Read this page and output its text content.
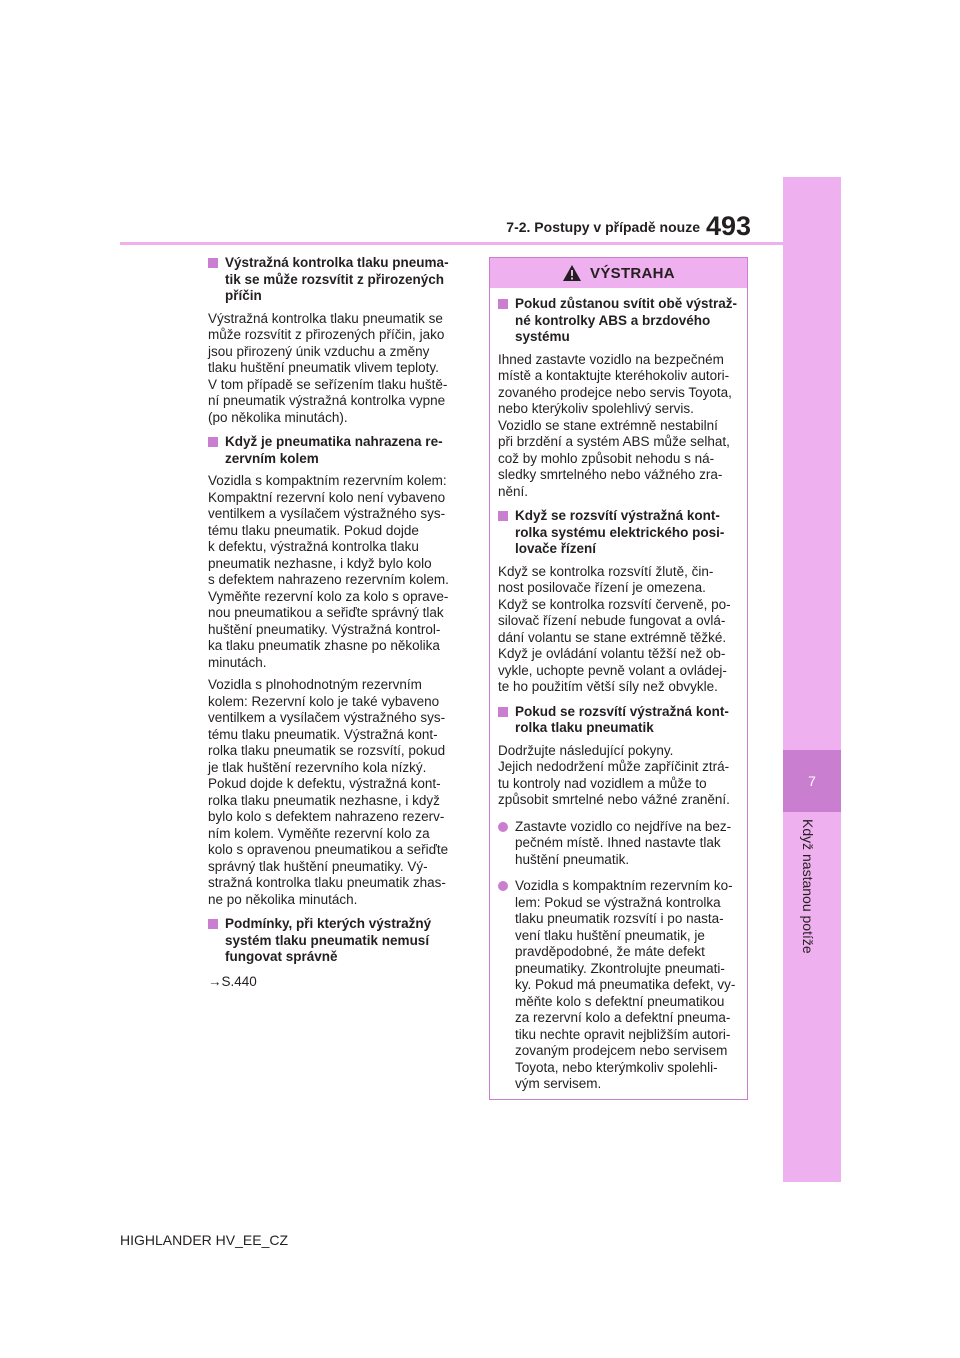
7
Když nastanou potíže
7-2. Postupy v případě nouze 493
Výstražná kontrolka tlaku pneuma-
tik se může rozsvítit z přirozených
příčin
Výstražná kontrolka tlaku pneumatik se
může rozsvítit z přirozených příčin, jako
jsou přirozený únik vzduchu a změny
tlaku huštění pneumatik vlivem teploty.
V tom případě se seřízením tlaku huště-
ní pneumatik výstražná kontrolka vypne
(po několika minutách).
Když je pneumatika nahrazena re-
zervním kolem
Vozidla s kompaktním rezervním kolem:
Kompaktní rezervní kolo není vybaveno
ventilkem a vysílačem výstražného sys-
tému tlaku pneumatik. Pokud dojde
k defektu, výstražná kontrolka tlaku
pneumatik nezhasne, i když bylo kolo
s defektem nahrazeno rezervním kolem.
Vyměňte rezervní kolo za kolo s oprave-
nou pneumatikou a seřiďte správný tlak
huštění pneumatiky. Výstražná kontrol-
ka tlaku pneumatik zhasne po několika
minutách.
Vozidla s plnohodnotným rezervním
kolem: Rezervní kolo je také vybaveno
ventilkem a vysílačem výstražného sys-
tému tlaku pneumatik. Výstražná kont-
rolka tlaku pneumatik se rozsvítí, pokud
je tlak huštění rezervního kola nízký.
Pokud dojde k defektu, výstražná kont-
rolka tlaku pneumatik nezhasne, i když
bylo kolo s defektem nahrazeno rezerv-
ním kolem. Vyměňte rezervní kolo za
kolo s opravenou pneumatikou a seřiďte
správný tlak huštění pneumatiky. Vý-
stražná kontrolka tlaku pneumatik zhas-
ne po několika minutách.
Podmínky, při kterých výstražný
systém tlaku pneumatik nemusí
fungovat správně
→S.440
VÝSTRAHA
Pokud zůstanou svítit obě výstraž-
né kontrolky ABS a brzdového
systému
Ihned zastavte vozidlo na bezpečném
místě a kontaktujte kteréhokoliv autori-
zovaného prodejce nebo servis Toyota,
nebo kterýkoliv spolehlivý servis.
Vozidlo se stane extrémně nestabilní
při brzdění a systém ABS může selhat,
což by mohlo způsobit nehodu s ná-
sledky smrtelného nebo vážného zra-
nění.
Když se rozsvítí výstražná kont-
rolka systému elektrického posi-
lovače řízení
Když se kontrolka rozsvítí žlutě, čin-
nost posilovače řízení je omezena.
Když se kontrolka rozsvítí červeně, po-
silovač řízení nebude fungovat a ovlá-
dání volantu se stane extrémně těžké.
Když je ovládání volantu těžší než ob-
vykle, uchopte pevně volant a ovládej-
te ho použitím větší síly než obvykle.
Pokud se rozsvítí výstražná kont-
rolka tlaku pneumatik
Dodržujte následující pokyny.
Jejich nedodržení může zapříčinit ztrá-
tu kontroly nad vozidlem a může to
způsobit smrtelné nebo vážné zranění.
Zastavte vozidlo co nejdříve na bez-
pečném místě. Ihned nastavte tlak
huštění pneumatik.
Vozidla s kompaktním rezervním ko-
lem: Pokud se výstražná kontrolka
tlaku pneumatik rozsvítí i po nasta-
vení tlaku huštění pneumatik, je
pravděpodobné, že máte defekt
pneumatiky. Zkontrolujte pneumati-
ky. Pokud má pneumatika defekt, vy-
měňte kolo s defektní pneumatikou
za rezervní kolo a defektní pneuma-
tiku nechte opravit nejbližším autori-
zovaným prodejcem nebo servisem
Toyota, nebo kterýmkoliv spolehli-
vým servisem.
HIGHLANDER HV_EE_CZ
